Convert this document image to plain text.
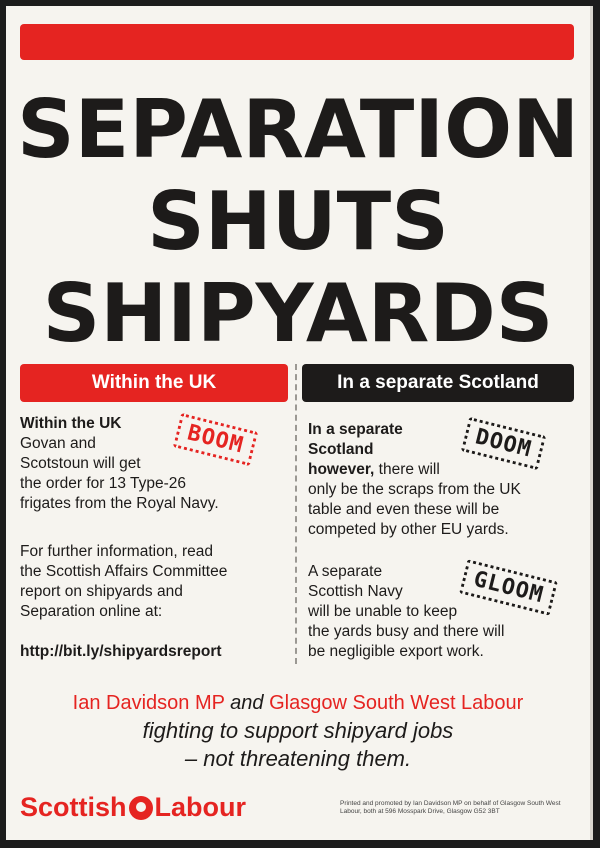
SEPARATION
SHUTS
SHIPYARDS
Within the UK	In a separate Scotland
Within the UK
Govan and
Scotstoun will get
the order for 13 Type-26
frigates from the Royal Navy.
BOOM
For further information, read
the Scottish Affairs Committee
report on shipyards and
Separation online at:
http://bit.ly/shipyardsreport
In a separate
Scotland
however, there will
only be the scraps from the UK
table and even these will be
competed by other EU yards.
DOOM
A separate
Scottish Navy
will be unable to keep
the yards busy and there will
be negligible export work.
GLOOM
Ian Davidson MP and Glasgow South West Labour
fighting to support shipyard jobs
– not threatening them.
Scottish Labour	Printed and promoted by Ian Davidson MP on behalf of Glasgow South West Labour, both at 596 Mosspark Drive, Glasgow G52 3BT
